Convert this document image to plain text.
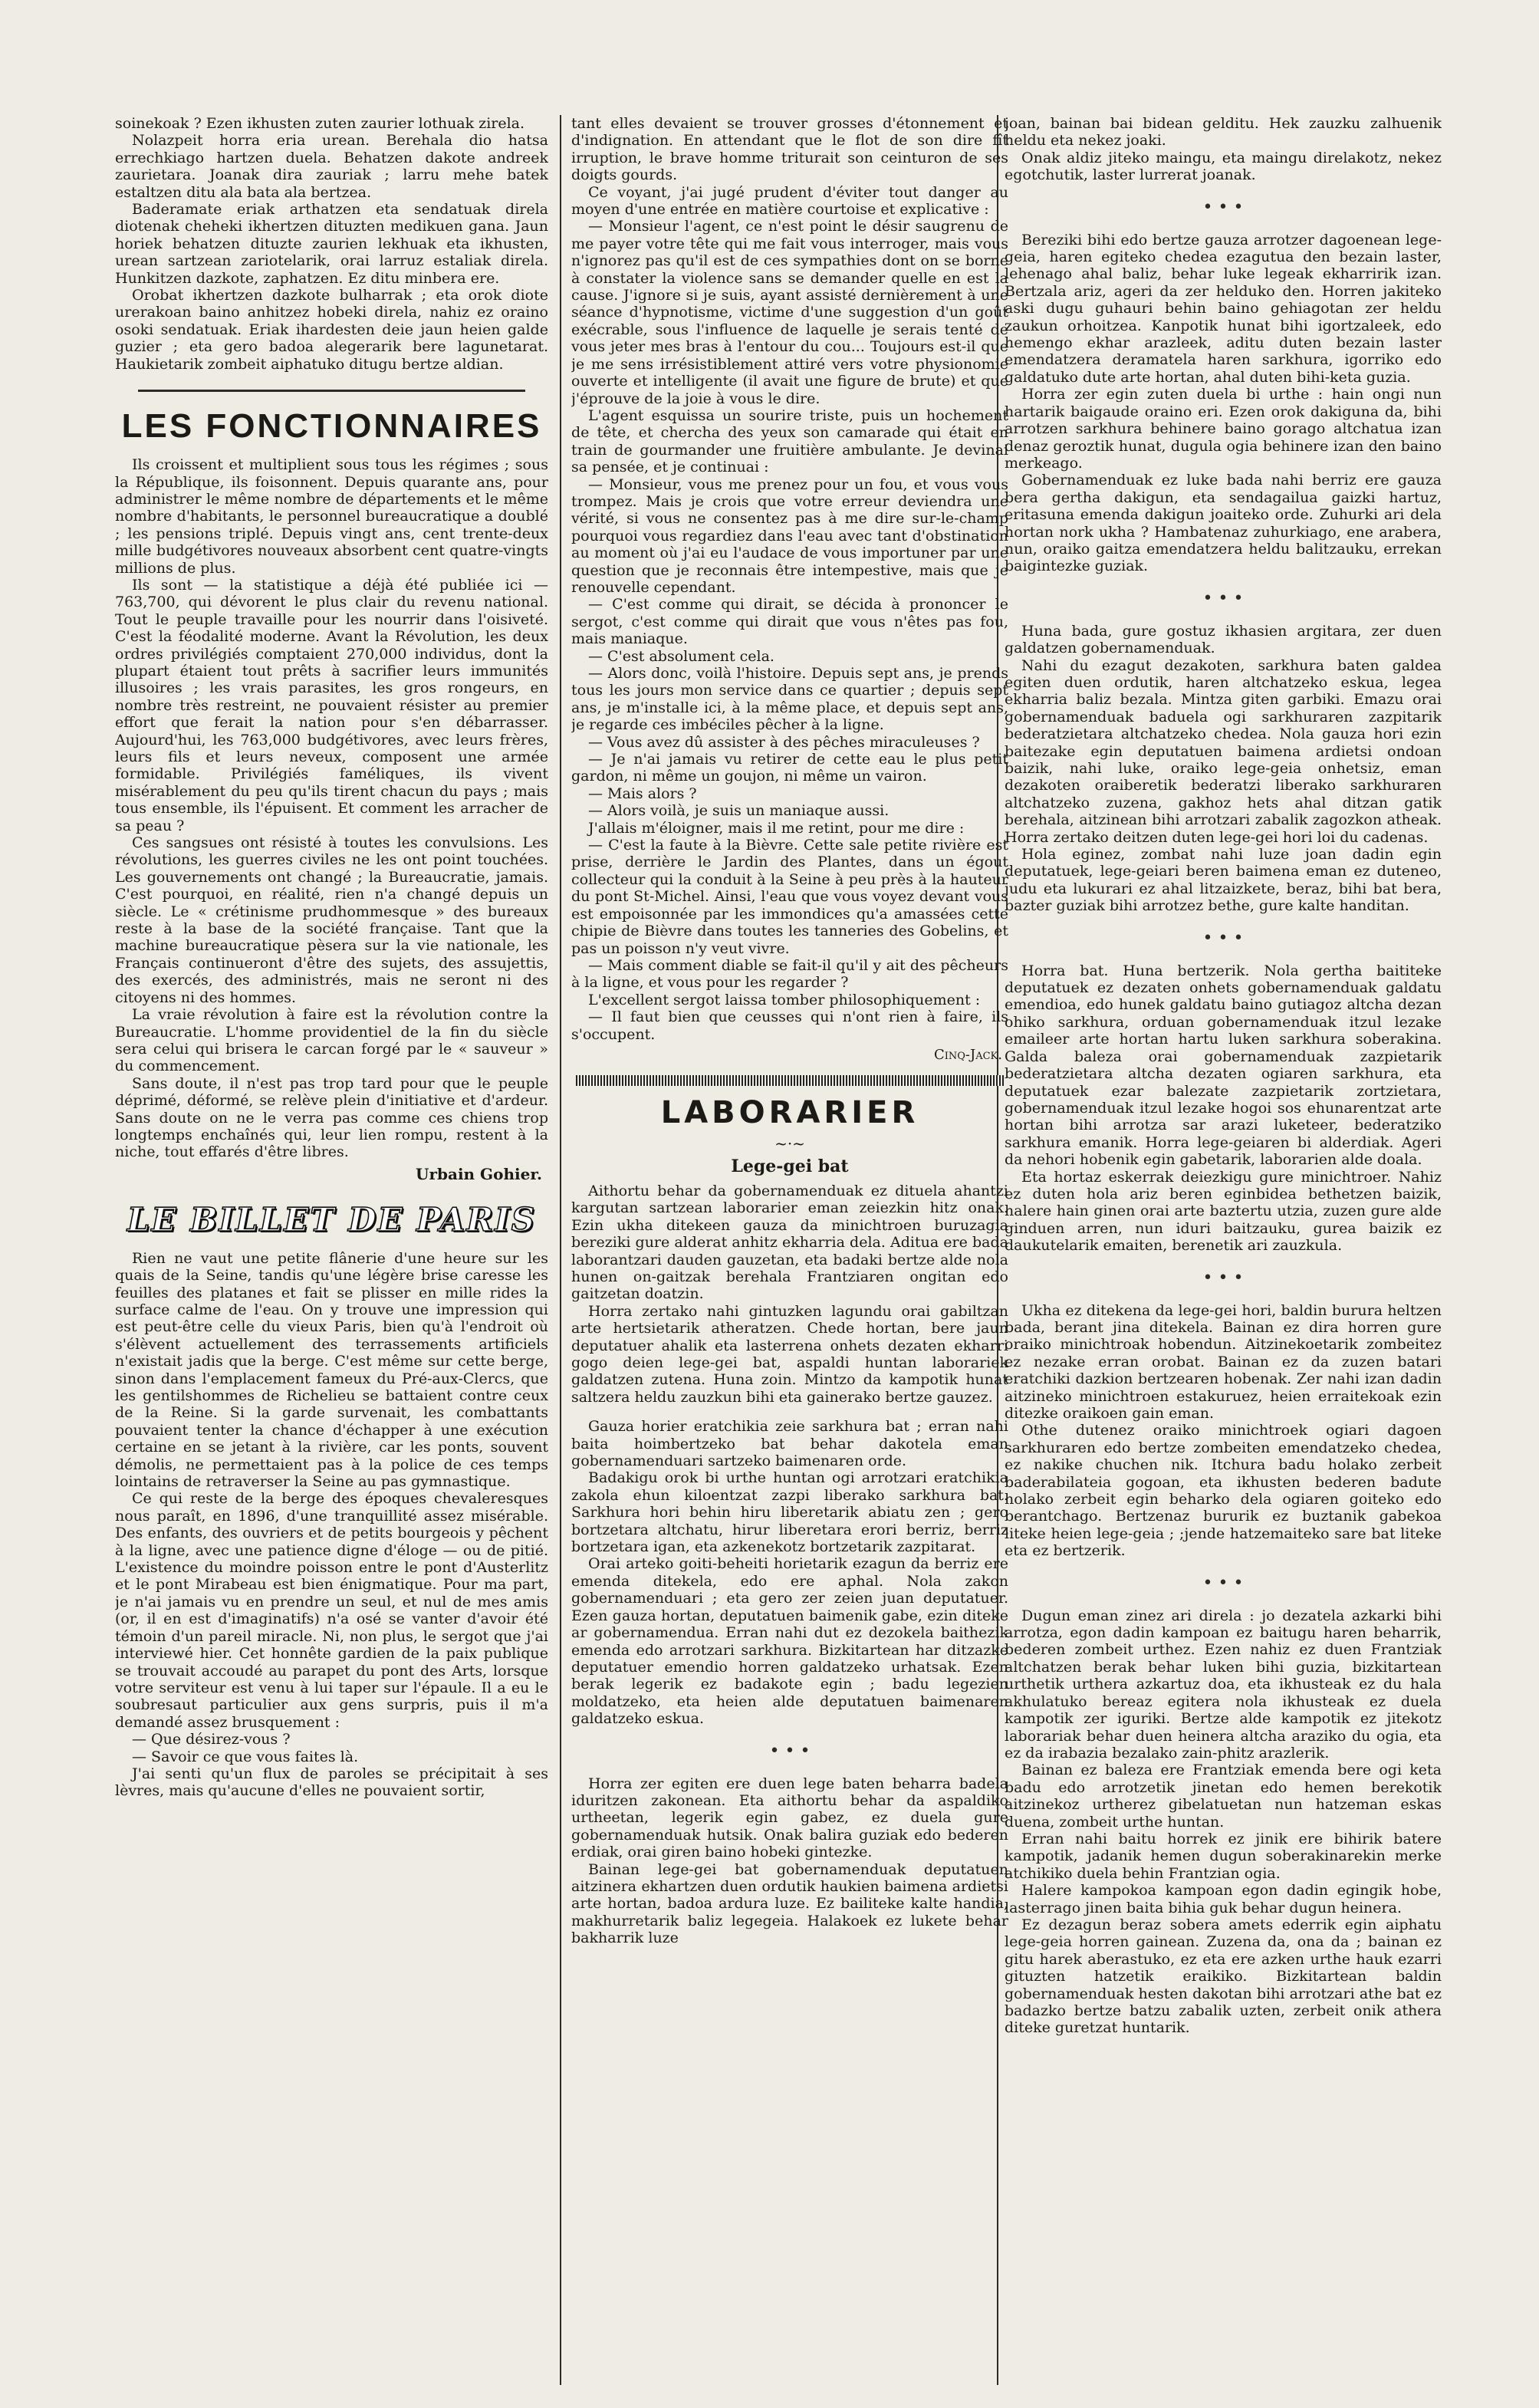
soinekoak ? Ezen ikhusten zuten zaurier lothuak zirela.

Nolazpeit horra eria urean. Berehala dio hatsa errechkiago hartzen duela. Behatzen dakote andreek zaurietara. Joanak dira zauriak ; larru mehe batek estaltzen ditu ala bata ala bertzea.

Baderamate eriak arthatzen eta sendatuak direla diotenak cheheki ikhertzen dituzten medikuen gana. Jaun horiek behatzen dituzte zaurien lekhuak eta ikhusten, urean sartzean zariotelarik, orai larruz estaliak direla. Hunkitzen dazkote, zaphatzen. Ez ditu minbera ere.

Orobat ikhertzen dazkote bulharrak ; eta orok diote urerakoan baino anhitzez hobeki direla, nahiz ez oraino osoki sendatuak. Eriak ihardesten deie jaun heien galde guzier ; eta gero badoa alegerarik bere lagunetarat. Haukietarik zombeit aiphatuko ditugu bertze aldian.

LES FONCTIONNAIRES

Ils croissent et multiplient sous tous les régimes ; sous la République, ils foisonnent. Depuis quarante ans, pour administrer le même nombre de départements et le même nombre d'habitants, le personnel bureaucratique a doublé ; les pensions triplé. Depuis vingt ans, cent trente-deux mille budgétivores nouveaux absorbent cent quatre-vingts millions de plus.

Ils sont — la statistique a déjà été publiée ici — 763,700, qui dévorent le plus clair du revenu national. Tout le peuple travaille pour les nourrir dans l'oisiveté. C'est la féodalité moderne. Avant la Révolution, les deux ordres privilégiés comptaient 270,000 individus, dont la plupart étaient tout prêts à sacrifier leurs immunités illusoires ; les vrais parasites, les gros rongeurs, en nombre très restreint, ne pouvaient résister au premier effort que ferait la nation pour s'en débarrasser. Aujourd'hui, les 763,000 budgétivores, avec leurs frères, leurs fils et leurs neveux, composent une armée formidable. Privilégiés faméliques, ils vivent misérablement du peu qu'ils tirent chacun du pays ; mais tous ensemble, ils l'épuisent. Et comment les arracher de sa peau ?

Ces sangsues ont résisté à toutes les convulsions. Les révolutions, les guerres civiles ne les ont point touchées. Les gouvernements ont changé ; la Bureaucratie, jamais. C'est pourquoi, en réalité, rien n'a changé depuis un siècle. Le « crétinisme prudhommesque » des bureaux reste à la base de la société française. Tant que la machine bureaucratique pèsera sur la vie nationale, les Français continueront d'être des sujets, des assujettis, des exercés, des administrés, mais ne seront ni des citoyens ni des hommes.

La vraie révolution à faire est la révolution contre la Bureaucratie. L'homme providentiel de la fin du siècle sera celui qui brisera le carcan forgé par le « sauveur » du commencement.

Sans doute, il n'est pas trop tard pour que le peuple déprimé, déformé, se relève plein d'initiative et d'ardeur. Sans doute on ne le verra pas comme ces chiens trop longtemps enchaînés qui, leur lien rompu, restent à la niche, tout effarés d'être libres.

Urbain Gohier.
LE BILLET DE PARIS

Rien ne vaut une petite flânerie d'une heure sur les quais de la Seine, tandis qu'une légère brise caresse les feuilles des platanes et fait se plisser en mille rides la surface calme de l'eau. On y trouve une impression qui est peut-être celle du vieux Paris, bien qu'à l'endroit où s'élèvent actuellement des terrassements artificiels n'existait jadis que la berge. C'est même sur cette berge, sinon dans l'emplacement fameux du Pré-aux-Clercs, que les gentilshommes de Richelieu se battaient contre ceux de la Reine. Si la garde survenait, les combattants pouvaient tenter la chance d'échapper à une exécution certaine en se jetant à la rivière, car les ponts, souvent démolis, ne permettaient pas à la police de ces temps lointains de retraverser la Seine au pas gymnastique.

Ce qui reste de la berge des époques chevaleresques nous paraît, en 1896, d'une tranquillité assez misérable. Des enfants, des ouvriers et de petits bourgeois y pêchent à la ligne, avec une patience digne d'éloge — ou de pitié. L'existence du moindre poisson entre le pont d'Austerlitz et le pont Mirabeau est bien énigmatique. Pour ma part, je n'ai jamais vu en prendre un seul, et nul de mes amis (or, il en est d'imaginatifs) n'a osé se vanter d'avoir été témoin d'un pareil miracle. Ni, non plus, le sergot que j'ai interviewé hier. Cet honnête gardien de la paix publique se trouvait accoudé au parapet du pont des Arts, lorsque votre serviteur est venu à lui taper sur l'épaule. Il a eu le soubresaut particulier aux gens surpris, puis il m'a demandé assez brusquement :

— Que désirez-vous ?

— Savoir ce que vous faites là.

J'ai senti qu'un flux de paroles se précipitait à ses lèvres, mais qu'aucune d'elles ne pouvaient sortir,

tant elles devaient se trouver grosses d'étonnement et d'indignation. En attendant que le flot de son dire fît irruption, le brave homme triturait son ceinturon de ses doigts gourds.

Ce voyant, j'ai jugé prudent d'éviter tout danger au moyen d'une entrée en matière courtoise et explicative :

— Monsieur l'agent, ce n'est point le désir saugrenu de me payer votre tête qui me fait vous interroger, mais vous n'ignorez pas qu'il est de ces sympathies dont on se borne à constater la violence sans se demander quelle en est la cause. J'ignore si je suis, ayant assisté dernièrement à une séance d'hypnotisme, victime d'une suggestion d'un goût exécrable, sous l'influence de laquelle je serais tenté de vous jeter mes bras à l'entour du cou... Toujours est-il que je me sens irrésistiblement attiré vers votre physionomie ouverte et intelligente (il avait une figure de brute) et que j'éprouve de la joie à vous le dire.

L'agent esquissa un sourire triste, puis un hochement de tête, et chercha des yeux son camarade qui était en train de gourmander une fruitière ambulante. Je devinai sa pensée, et je continuai :

— Monsieur, vous me prenez pour un fou, et vous vous trompez. Mais je crois que votre erreur deviendra une vérité, si vous ne consentez pas à me dire sur-le-champ pourquoi vous regardiez dans l'eau avec tant d'obstination au moment où j'ai eu l'audace de vous importuner par une question que je reconnais être intempestive, mais que je renouvelle cependant.

— C'est comme qui dirait, se décida à prononcer le sergot, c'est comme qui dirait que vous n'êtes pas fou, mais maniaque.

— C'est absolument cela.

— Alors donc, voilà l'histoire. Depuis sept ans, je prends tous les jours mon service dans ce quartier ; depuis sept ans, je m'installe ici, à la même place, et depuis sept ans, je regarde ces imbéciles pêcher à la ligne.

— Vous avez dû assister à des pêches miraculeuses ?

— Je n'ai jamais vu retirer de cette eau le plus petit gardon, ni même un goujon, ni même un vairon.

— Mais alors ?

— Alors voilà, je suis un maniaque aussi.

J'allais m'éloigner, mais il me retint, pour me dire :

— C'est la faute à la Bièvre. Cette sale petite rivière est prise, derrière le Jardin des Plantes, dans un égout collecteur qui la conduit à la Seine à peu près à la hauteur du pont St-Michel. Ainsi, l'eau que vous voyez devant vous est empoisonnée par les immondices qu'a amassées cette chipie de Bièvre dans toutes les tanneries des Gobelins, et pas un poisson n'y veut vivre.

— Mais comment diable se fait-il qu'il y ait des pêcheurs à la ligne, et vous pour les regarder ?

L'excellent sergot laissa tomber philosophiquement :

— Il faut bien que ceusses qui n'ont rien à faire, ils s'occupent.

Cinq-Jack.
LABORARIER
~·~
Lege-gei bat

Aithortu behar da gobernamenduak ez dituela ahantzi kargutan sartzean laborarier eman zeiezkin hitz onak. Ezin ukha ditekeen gauza da minichtroen buruzagia bereziki gure alderat anhitz ekharria dela. Adituа ere bada laborantzari dauden gauzetan, eta badaki bertze alde nola hunen on-gaitzak berehala Frantziaren ongitan edo gaitzetan doatzin.

Horra zertako nahi gintuzken lagundu orai gabiltzan arte hertsietarik atheratzen. Chede hortan, bere jaun deputatuer ahalik eta lasterrena onhets dezaten ekharri gogo deien lege-gei bat, aspaldi huntan laborariek galdatzen zutena. Huna zoin. Mintzo da kampotik hunat saltzera heldu zauzkun bihi eta gainerako bertze gauzez.

Gauza horier eratchikia zeie sarkhura bat ; erran nahi baita hoimbertzeko bat behar dakotela eman gobernamenduari sartzeko baimenaren orde.

Badakigu orok bi urthe huntan ogi arrotzari eratchikia zakola ehun kiloentzat zazpi liberako sarkhura bat. Sarkhura hori behin hiru liberetarik abiatu zen ; gero bortzetara altchatu, hirur liberetara erori berriz, berriz bortzetara igan, eta azkenekotz bortzetarik zazpitarat.

Orai arteko goiti-beheiti horietarik ezagun da berriz ere emenda ditekela, edo ere aphal. Nola zakon gobernamenduari ; eta gero zer zeien juan deputatuer. Ezen gauza hortan, deputatuen baimenik gabe, ezin diteke ar gobernamendua. Erran nahi dut ez dezokela baithezik emenda edo arrotzari sarkhura. Bizkitartean har ditzazke deputatuer emendio horren galdatzeko urhatsak. Ezen berak legerik ez badakote egin ; badu legezien moldatzeko, eta heien alde deputatuen baimenaren galdatzeko eskua.

• • •

Horra zer egiten ere duen lege baten beharra badela iduritzen zakonean. Eta aithortu behar da aspaldiko urtheetan, legerik egin gabez, ez duela gure gobernamenduak hutsik. Onak balira guziak edo bederen erdiak, orai giren baino hobeki gintezke.

Bainan lege-gei bat gobernamenduak deputatuen aitzinera ekhartzen duen ordutik haukien baimena ardietsi arte hortan, badoa ardura luze. Ez bailiteke kalte handia, makhurretarik baliz legegeia. Halakoek ez lukete behar bakharrik luze

joan, bainan bai bidean gelditu. Hek zauzku zalhuenik heldu eta nekez joaki.

Onak aldiz jiteko maingu, eta maingu direlakotz, nekez egotchutik, laster lurrerat joanak.

• • •

Bereziki bihi edo bertze gauza arrotzer dagoenean lege-geia, haren egiteko chedea ezagutua den bezain laster, lehenago ahal baliz, behar luke legeak ekharririk izan. Bertzala ariz, ageri da zer helduko den. Horren jakiteko aski dugu guhauri behin baino gehiagotan zer heldu zaukun orhoitzea. Kanpotik hunat bihi igortzaleek, edo hemengo ekhar arazleek, aditu duten bezain laster emendatzera deramatela haren sarkhura, igorriko edo galdatuko dute arte hortan, ahal duten bihi-keta guzia.

Horra zer egin zuten duela bi urthe : hain ongi nun hartarik baigaude oraino eri. Ezen orok dakiguna da, bihi arrotzen sarkhura behinere baino gorago altchatua izan denaz geroztik hunat, dugula ogia behinere izan den baino merkeago.

Gobernamenduak ez luke bada nahi berriz ere gauza bera gertha dakigun, eta sendagailua gaizki hartuz, eritasuna emenda dakigun joaiteko orde. Zuhurki ari dela hortan nork ukha ? Hambatenaz zuhurkiago, ene arabera, nun, oraiko gaitza emendatzera heldu balitzauku, errekan baigintezke guziak.

• • •

Huna bada, gure gostuz ikhasien argitara, zer duen galdatzen gobernamenduak.

Nahi du ezagut dezakoten, sarkhura baten galdea egiten duen ordutik, haren altchatzeko eskua, legea ekharria baliz bezala. Mintza giten garbiki. Emazu orai gobernamenduak baduela ogi sarkhuraren zazpitarik bederatzietara altchatzeko chedea. Nola gauza hori ezin baitezake egin deputatuen baimena ardietsi ondoan baizik, nahi luke, oraiko lege-geia onhetsiz, eman dezakoten oraiberetik bederatzi liberako sarkhuraren altchatzeko zuzena, gakhoz hets ahal ditzan gatik berehala, aitzinean bihi arrotzari zabalik zagozkon atheak. Horra zertako deitzen duten lege-gei hori loi du cadenas.

Hola eginez, zombat nahi luze joan dadin egin deputatuek, lege-geiari beren baimena eman ez dutenео, judu eta lukurari ez ahal litzaizkete, beraz, bihi bat bera, bazter guziak bihi arrotzez bethe, gure kalte handitan.

• • •

Horra bat. Huna bertzerik. Nola gertha baititeke deputatuek ez dezaten onhets gobernamenduak galdatu emendioa, edo hunek galdatu baino gutiagoz altcha dezan ohiko sarkhura, orduan gobernamenduak itzul lezake emaileer arte hortan hartu luken sarkhura soberakina. Galda baleza orai gobernamenduak zazpietarik bederatzietara altcha dezaten ogiaren sarkhura, eta deputatuek ezar balezate zazpietarik zortzietara, gobernamenduak itzul lezake hogoi sos ehunarentzat arte hortan bihi arrotza sar arazi luketeer, bederatziko sarkhura emanik. Horra lege-geiaren bi alderdiak. Ageri da nehori hobenik egin gabetarik, laborarien alde doala.

Eta hortaz eskerrak deiezkigu gure minichtroer. Nahiz ez duten hola ariz beren eginbidea bethetzen baizik, halere hain ginen orai arte baztertu utzia, zuzen gure alde ginduen arren, nun iduri baitzauku, gurea baizik ez daukutelarik emaiten, berenetik ari zauzkula.

• • •

Ukha ez ditekena da lege-gei hori, baldin burura heltzen bada, berant jina ditekela. Bainan ez dira horren gure oraiko minichtroak hobendun. Aitzinekoetarik zombeitez ez nezake erran orobat. Bainan ez da zuzen batari eratchiki dazkion bertzearen hobenak. Zer nahi izan dadin aitzineko minichtroen estakuruez, heien erraitekoak ezin ditezke oraikoen gain eman.

Othe dutenez oraiko minichtroek ogiari dagoen sarkhuraren edo bertze zombeiten emendatzeko chedea, ez nakike chuchen nik. Itchura badu holako zerbeit baderabilateia gogoan, eta ikhusten bederen badute holako zerbeit egin beharko dela ogiaren goiteko edo berantchago. Bertzenaz bururik ez buztanik gabekoa liteke heien lege-geia ; ;jende hatzemaiteko sare bat liteke eta ez bertzerik.

• • •

Dugun eman zinez ari direla : jo dezatela azkarki bihi arrotza, egon dadin kampoan ez baitugu haren beharrik, bederen zombeit urthez. Ezen nahiz ez duen Frantziak altchatzen berak behar luken bihi guzia, bizkitartean urthetik urthera azkartuz doa, eta ikhusteak ez du hala akhulatuko bereaz egitera nola ikhusteak ez duela kampotik zer iguriki. Bertze alde kampotik ez jitekotz laborariak behar duen heinera altcha araziko du ogia, eta ez da irabazia bezalako zain-phitz arazlerik.

Bainan ez baleza ere Frantziak emenda bere ogi keta badu edo arrotzetik jinetan edo hemen berekotik aitzinekoz urtherez gibelatuetan nun hatzeman eskas duena, zombeit urthe huntan.

Erran nahi baitu horrek ez jinik ere bihirik batere kampotik, jadanik hemen dugun soberakinarekin merke atchikiko duela behin Frantzian ogia.

Halere kampokoa kampoan egon dadin egingik hobe, lasterrago jinen baita bihia guk behar dugun heinera.

Ez dezagun beraz sobera amets ederrik egin aiphatu lege-geia horren gainean. Zuzena da, ona da ; bainan ez gitu harek aberastuko, ez eta ere azken urthe hauk ezarri gituzten hatzetik eraikiko. Bizkitartean baldin gobernamenduak hesten dakotan bihi arrotzari athe bat ez badazko bertze batzu zabalik uzten, zerbeit onik athera diteke guretzat huntarik.
